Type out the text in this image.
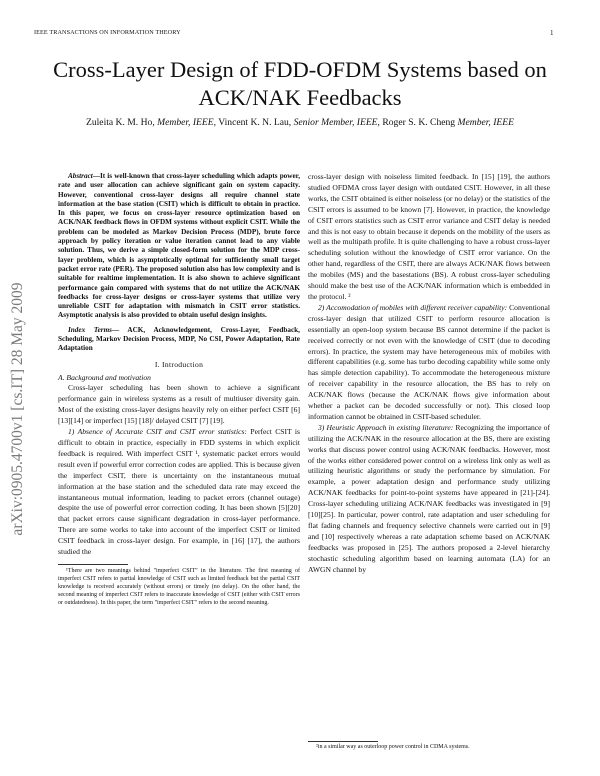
IEEE TRANSACTIONS ON INFORMATION THEORY	1
Cross-Layer Design of FDD-OFDM Systems based on ACK/NAK Feedbacks
Zuleita K. M. Ho, Member, IEEE, Vincent K. N. Lau, Senior Member, IEEE, Roger S. K. Cheng Member, IEEE
arXiv:0905.4700v1 [cs.IT] 28 May 2009
Abstract—It is well-known that cross-layer scheduling which adapts power, rate and user allocation can achieve significant gain on system capacity. However, conventional cross-layer designs all require channel state information at the base station (CSIT) which is difficult to obtain in practice. In this paper, we focus on cross-layer resource optimization based on ACK/NAK feedback flows in OFDM systems without explicit CSIT. While the problem can be modeled as Markov Decision Process (MDP), brute force approach by policy iteration or value iteration cannot lead to any viable solution. Thus, we derive a simple closed-form solution for the MDP cross-layer problem, which is asymptotically optimal for sufficiently small target packet error rate (PER). The proposed solution also has low complexity and is suitable for realtime implementation. It is also shown to achieve significant performance gain compared with systems that do not utilize the ACK/NAK feedbacks for cross-layer designs or cross-layer systems that utilize very unreliable CSIT for adaptation with mismatch in CSIT error statistics. Asymptotic analysis is also provided to obtain useful design insights.
Index Terms— ACK, Acknowledgement, Cross-Layer, Feedback, Scheduling, Markov Decision Process, MDP, No CSI, Power Adaptation, Rate Adaptation
I. Introduction
A. Background and motivation

Cross-layer scheduling has been shown to achieve a significant performance gain in wireless systems as a result of multiuser diversity gain. Most of the existing cross-layer designs heavily rely on either perfect CSIT [6] [13][14] or imperfect [15] [18]/ delayed CSIT [7] [19].

1) Absence of Accurate CSIT and CSIT error statistics: Perfect CSIT is difficult to obtain in practice, especially in FDD systems in which explicit feedback is required. With imperfect CSIT ¹, systematic packet errors would result even if powerful error correction codes are applied. This is because given the imperfect CSIT, there is uncertainty on the instantaneous mutual information at the base station and the scheduled data rate may exceed the instantaneous mutual information, leading to packet errors (channel outage) despite the use of powerful error correction coding. It has been shown [5][20] that packet errors cause significant degradation in cross-layer performance. There are some works to take into account of the imperfect CSIT or limited CSIT feedback in cross-layer design. For example, in [16] [17], the authors studied the

¹There are two meanings behind "imperfect CSIT" in the literature. The first meaning of imperfect CSIT refers to partial knowledge of CSIT such as limited feedback but the partial CSIT knowledge is received accurately (without errors) or timely (no delay). On the other hand, the second meaning of imperfect CSIT refers to inaccurate knowledge of CSIT (either with CSIT errors or outdatedness). In this paper, the term "imperfect CSIT" refers to the second meaning.

cross-layer design with noiseless limited feedback. In [15] [19], the authors studied OFDMA cross layer design with outdated CSIT. However, in all these works, the CSIT obtained is either noiseless (or no delay) or the statistics of the CSIT errors is assumed to be known [7]. However, in practice, the knowledge of CSIT errors statistics such as CSIT error variance and CSIT delay is needed and this is not easy to obtain because it depends on the mobility of the users as well as the multipath profile. It is quite challenging to have a robust cross-layer scheduling solution without the knowledge of CSIT error variance. On the other hand, regardless of the CSIT, there are always ACK/NAK flows between the mobiles (MS) and the basestations (BS). A robust cross-layer scheduling should make the best use of the ACK/NAK information which is embedded in the protocol. ²

2) Accomodation of mobiles with different receiver capability: Conventional cross-layer design that utilized CSIT to perform resource allocation is essentially an open-loop system because BS cannot determine if the packet is received correctly or not even with the knowledge of CSIT (due to decoding errors). In practice, the system may have heterogeneous mix of mobiles with different capabilities (e.g. some has turbo decoding capability while some only has simple detection capability). To accommodate the heterogeneous mixture of receiver capability in the resource allocation, the BS has to rely on ACK/NAK flows (because the ACK/NAK flows give information about whether a packet can be decoded successfully or not). This closed loop information cannot be obtained in CSIT-based scheduler.

3) Heuristic Approach in existing literature: Recognizing the importance of utilizing the ACK/NAK in the resource allocation at the BS, there are existing works that discuss power control using ACK/NAK feedbacks. However, most of the works either considered power control on a wireless link only as well as utilizing heuristic algorithms or study the performance by simulation. For example, a power adaptation design and performance study utilizing ACK/NAK feedbacks for point-to-point systems have appeared in [21]-[24]. Cross-layer scheduling utilizing ACK/NAK feedbacks was investigated in [9] [10][25]. In particular, power control, rate adaptation and user scheduling for flat fading channels and frequency selective channels were carried out in [9] and [10] respectively whereas a rate adaptation scheme based on ACK/NAK feedbacks was proposed in [25]. The authors proposed a 2-level hierarchy stochastic scheduling algorithm based on learning automata (LA) for an AWGN channel by

²in a similar way as outerloop power control in CDMA systems.
